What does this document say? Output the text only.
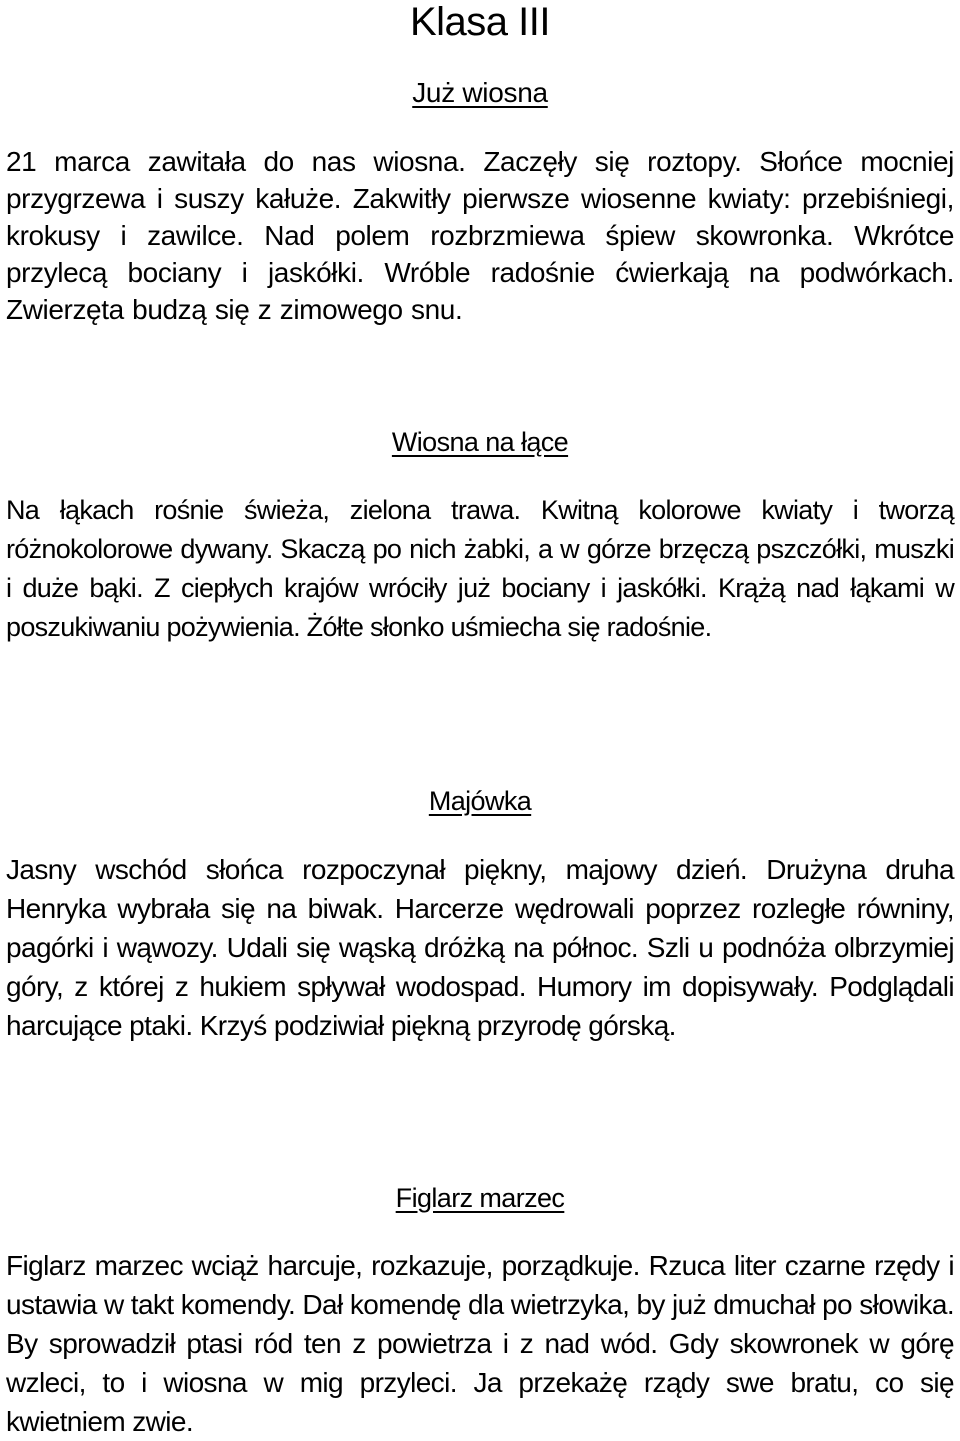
Klasa III
Już wiosna

21 marca zawitała do nas wiosna. Zaczęły się roztopy. Słońce mocniej przygrzewa i suszy kałuże. Zakwitły pierwsze wiosenne kwiaty: przebiśniegi, krokusy i zawilce. Nad polem rozbrzmiewa śpiew skowronka. Wkrótce przylecą bociany i jaskółki. Wróble radośnie ćwierkają na podwórkach. Zwierzęta budzą się z zimowego snu.

Wiosna na łące

Na łąkach rośnie świeża, zielona trawa. Kwitną kolorowe kwiaty i tworzą różnokolorowe dywany. Skaczą po nich żabki, a w górze brzęczą pszczółki, muszki i duże bąki. Z ciepłych krajów wróciły już bociany i jaskółki. Krążą nad łąkami w poszukiwaniu pożywienia. Żółte słonko uśmiecha się radośnie.

Majówka

Jasny wschód słońca rozpoczynał piękny, majowy dzień. Drużyna druha Henryka wybrała się na biwak. Harcerze wędrowali poprzez rozległe równiny, pagórki i wąwozy. Udali się wąską dróżką na północ. Szli u podnóża olbrzymiej góry, z której z hukiem spływał wodospad. Humory im dopisywały. Podglądali harcujące ptaki. Krzyś podziwiał piękną przyrodę górską.

Figlarz marzec

Figlarz marzec wciąż harcuje, rozkazuje, porządkuje. Rzuca liter czarne rzędy i ustawia w takt komendy. Dał komendę dla wietrzyka, by już dmuchał po słowika. By sprowadził ptasi ród ten z powietrza i z nad wód. Gdy skowronek w górę wzleci, to i wiosna w mig przyleci. Ja przekażę rządy swe bratu, co się kwietniem zwie.
